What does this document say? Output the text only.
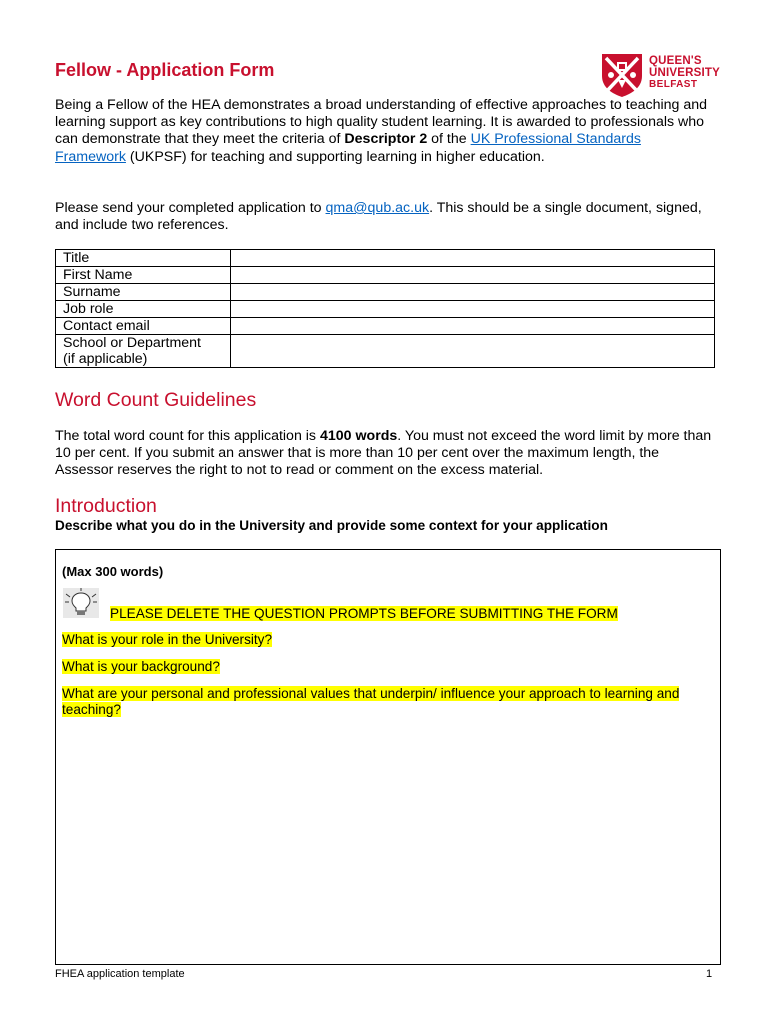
Fellow - Application Form	QUEEN'S
UNIVERSITY
BELFAST

Being a Fellow of the HEA demonstrates a broad understanding of effective approaches to teaching and learning support as key contributions to high quality student learning. It is awarded to professionals who can demonstrate that they meet the criteria of Descriptor 2 of the UK Professional Standards Framework (UKPSF) for teaching and supporting learning in higher education.

Please send your completed application to qma@qub.ac.uk. This should be a single document, signed, and include two references.

Title	
First Name	
Surname	
Job role	
Contact email	
School or Department
(if applicable)	
Word Count Guidelines

The total word count for this application is 4100 words. You must not exceed the word limit by more than 10 per cent. If you submit an answer that is more than 10 per cent over the maximum length, the Assessor reserves the right to not to read or comment on the excess material.

Introduction

Describe what you do in the University and provide some context for your application

(Max 300 words)

PLEASE DELETE THE QUESTION PROMPTS BEFORE SUBMITTING THE FORM

What is your role in the University?

What is your background?

What are your personal and professional values that underpin/ influence your approach to learning and teaching?

FHEA application template	1
